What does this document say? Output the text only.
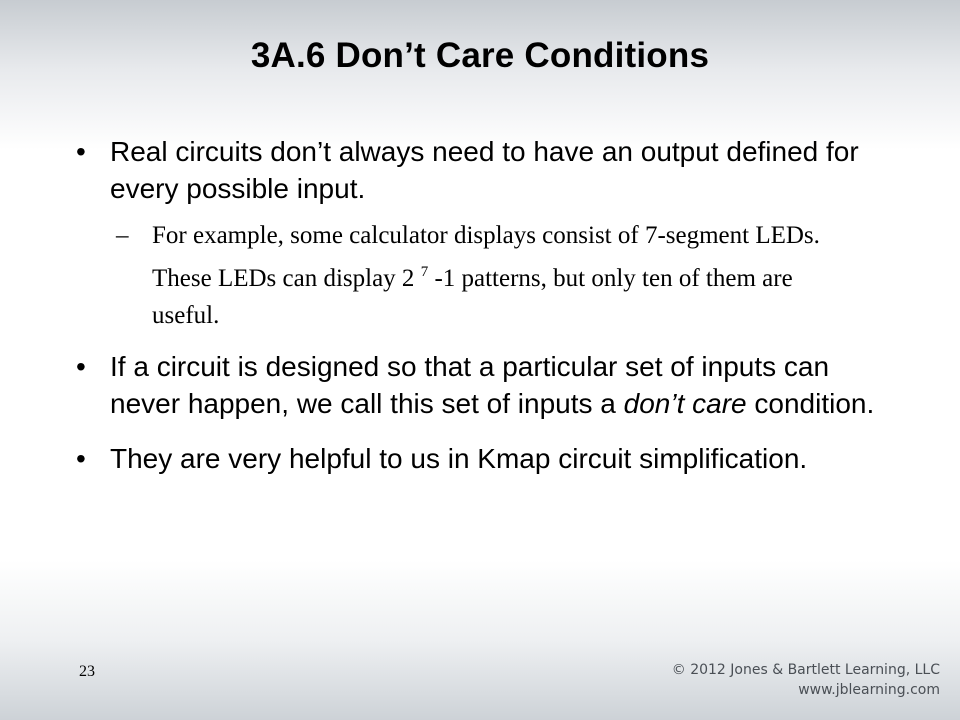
3A.6 Don’t Care Conditions
• Real circuits don’t always need to have an output defined for every possible input.
– For example, some calculator displays consist of 7-segment LEDs. These LEDs can display 2 $^7$ -1 patterns, but only ten of them are useful.
• If a circuit is designed so that a particular set of inputs can never happen, we call this set of inputs a don’t care condition.
• They are very helpful to us in Kmap circuit simplification.
23	© 2012 Jones & Bartlett Learning, LLC
www.jblearning.com
